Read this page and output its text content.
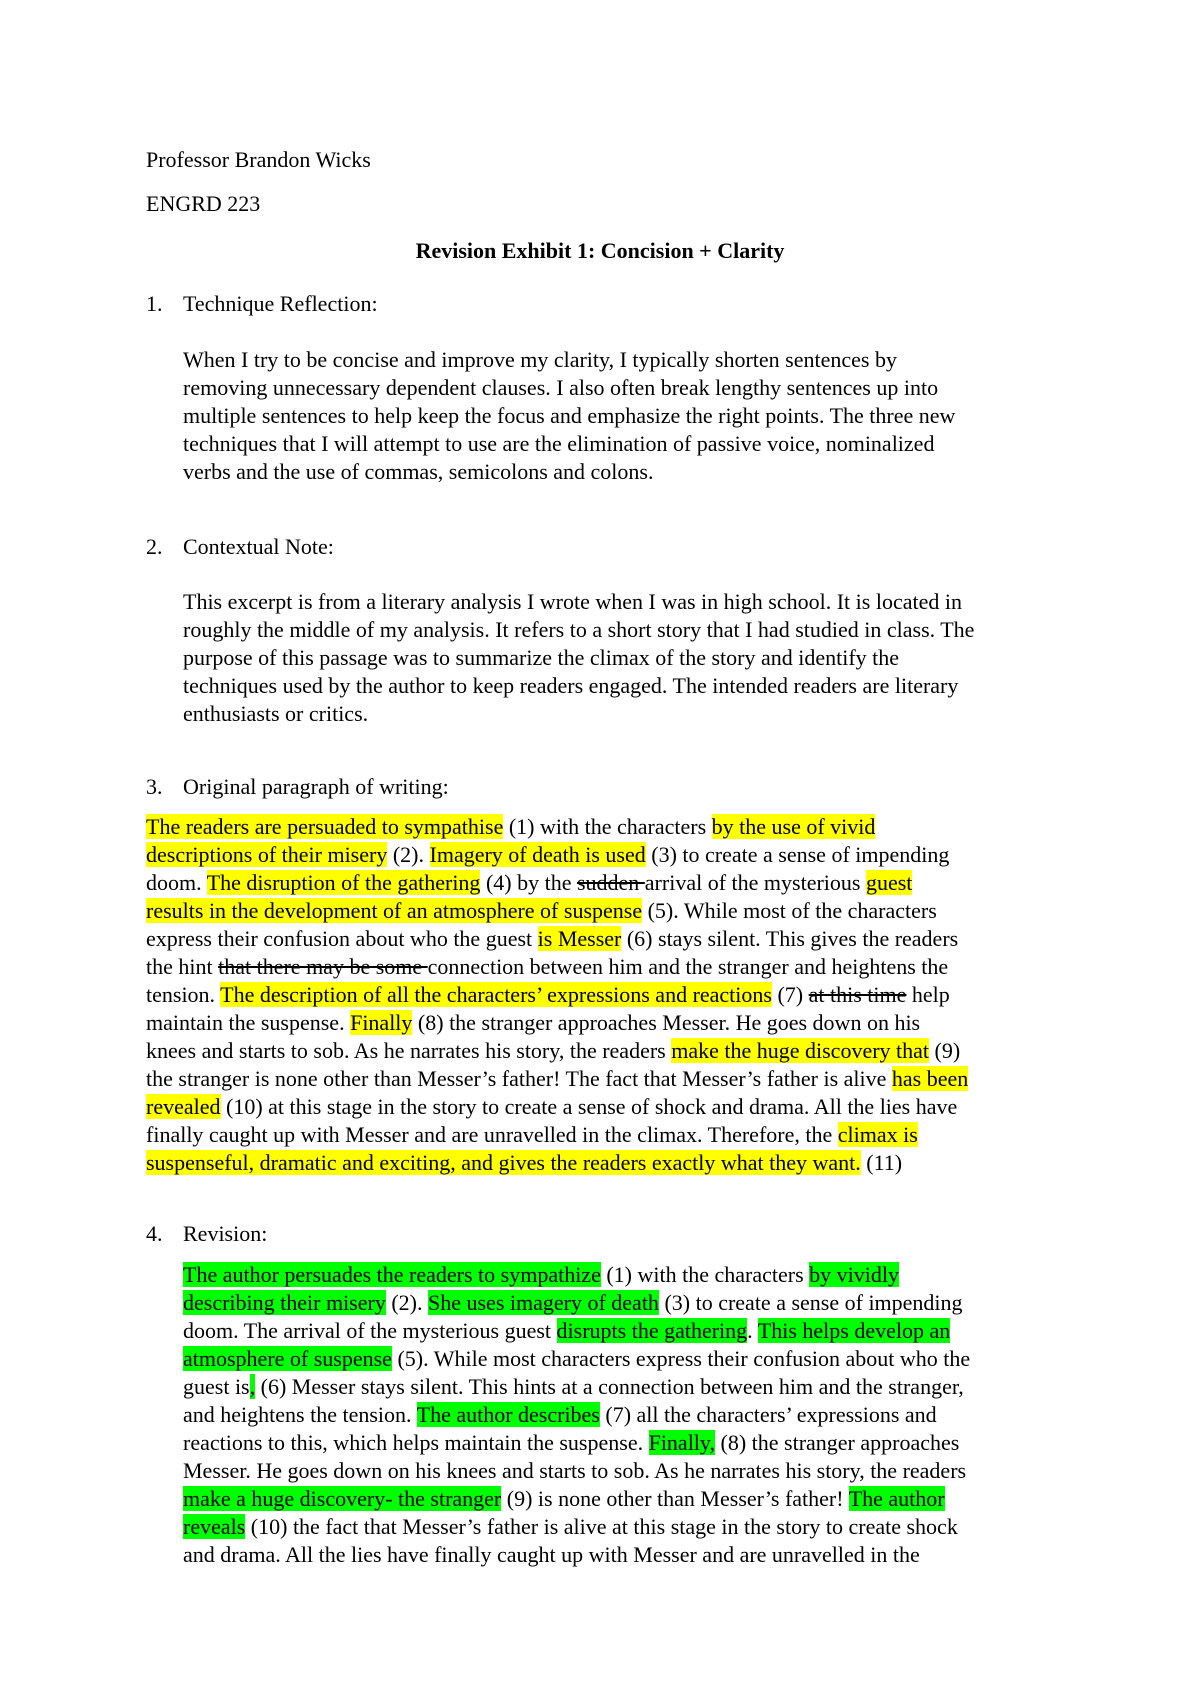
Professor Brandon Wicks
ENGRD 223
Revision Exhibit 1: Concision + Clarity
1. Technique Reflection:
When I try to be concise and improve my clarity, I typically shorten sentences by
removing unnecessary dependent clauses. I also often break lengthy sentences up into
multiple sentences to help keep the focus and emphasize the right points. The three new
techniques that I will attempt to use are the elimination of passive voice, nominalized
verbs and the use of commas, semicolons and colons.
2. Contextual Note:
This excerpt is from a literary analysis I wrote when I was in high school. It is located in
roughly the middle of my analysis. It refers to a short story that I had studied in class. The
purpose of this passage was to summarize the climax of the story and identify the
techniques used by the author to keep readers engaged. The intended readers are literary
enthusiasts or critics.
3. Original paragraph of writing:
The readers are persuaded to sympathise (1) with the characters by the use of vivid
descriptions of their misery (2). Imagery of death is used (3) to create a sense of impending
doom. The disruption of the gathering (4) by the sudden arrival of the mysterious guest
results in the development of an atmosphere of suspense (5). While most of the characters
express their confusion about who the guest is Messer (6) stays silent. This gives the readers
the hint that there may be some connection between him and the stranger and heightens the
tension. The description of all the characters’ expressions and reactions (7) at this time help
maintain the suspense. Finally (8) the stranger approaches Messer. He goes down on his
knees and starts to sob. As he narrates his story, the readers make the huge discovery that (9)
the stranger is none other than Messer’s father! The fact that Messer’s father is alive has been
revealed (10) at this stage in the story to create a sense of shock and drama. All the lies have
finally caught up with Messer and are unravelled in the climax. Therefore, the climax is
suspenseful, dramatic and exciting, and gives the readers exactly what they want. (11)
4. Revision:
The author persuades the readers to sympathize (1) with the characters by vividly
describing their misery (2). She uses imagery of death (3) to create a sense of impending
doom. The arrival of the mysterious guest disrupts the gathering. This helps develop an
atmosphere of suspense (5). While most characters express their confusion about who the
guest is, (6) Messer stays silent. This hints at a connection between him and the stranger,
and heightens the tension. The author describes (7) all the characters’ expressions and
reactions to this, which helps maintain the suspense. Finally, (8) the stranger approaches
Messer. He goes down on his knees and starts to sob. As he narrates his story, the readers
make a huge discovery- the stranger (9) is none other than Messer’s father! The author
reveals (10) the fact that Messer’s father is alive at this stage in the story to create shock
and drama. All the lies have finally caught up with Messer and are unravelled in the
